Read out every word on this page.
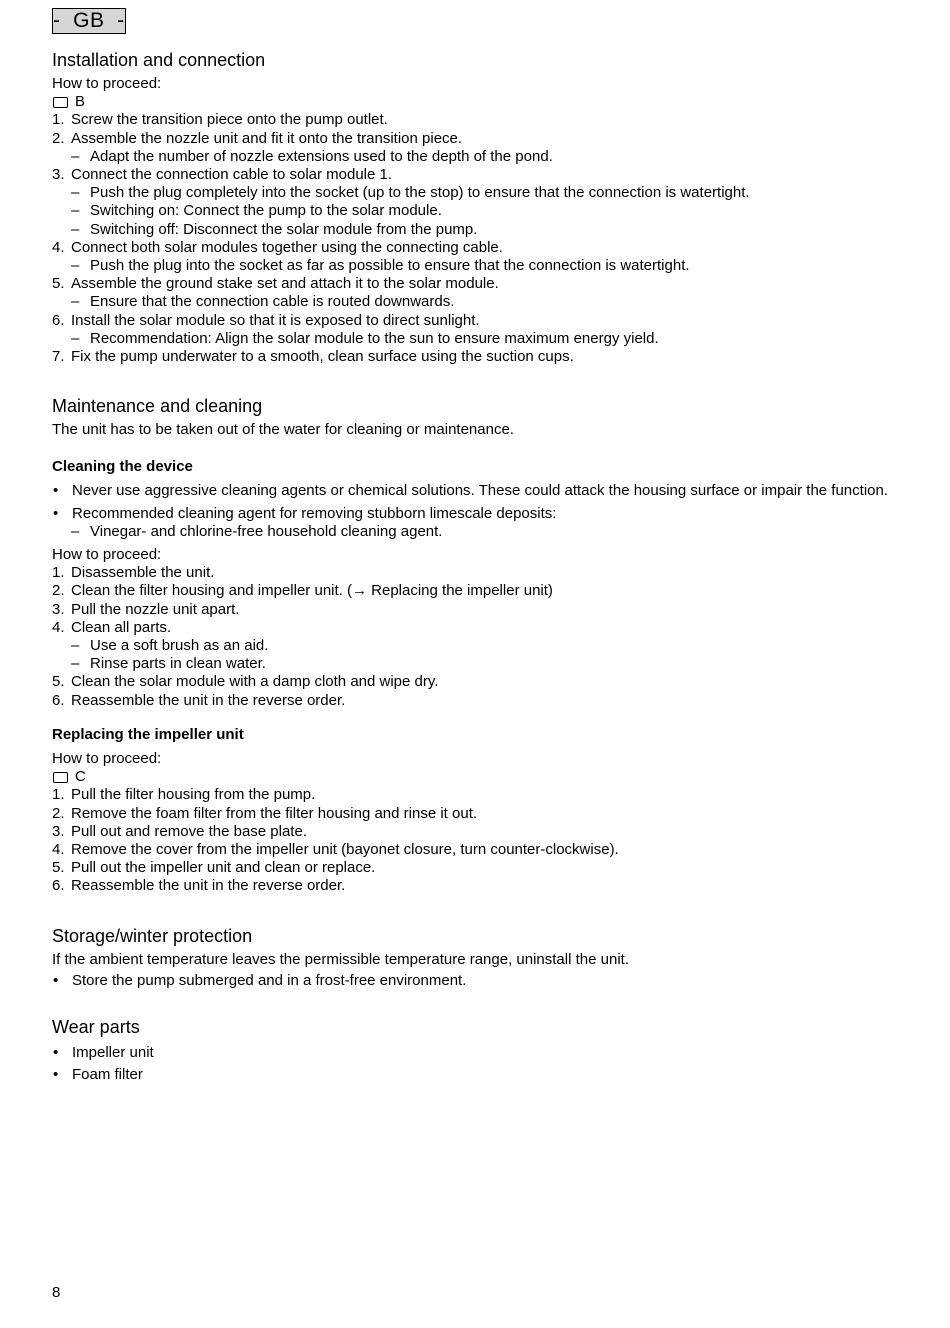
-  GB  -
Installation and connection

How to proceed:

B
1. Screw the transition piece onto the pump outlet.
2. Assemble the nozzle unit and fit it onto the transition piece.
– Adapt the number of nozzle extensions used to the depth of the pond.
3. Connect the connection cable to solar module 1.
– Push the plug completely into the socket (up to the stop) to ensure that the connection is watertight.
– Switching on: Connect the pump to the solar module.
– Switching off: Disconnect the solar module from the pump.
4. Connect both solar modules together using the connecting cable.
– Push the plug into the socket as far as possible to ensure that the connection is watertight.
5. Assemble the ground stake set and attach it to the solar module.
– Ensure that the connection cable is routed downwards.
6. Install the solar module so that it is exposed to direct sunlight.
– Recommendation: Align the solar module to the sun to ensure maximum energy yield.
7. Fix the pump underwater to a smooth, clean surface using the suction cups.
Maintenance and cleaning

The unit has to be taken out of the water for cleaning or maintenance.

Cleaning the device
• Never use aggressive cleaning agents or chemical solutions. These could attack the housing surface or impair the function.
• Recommended cleaning agent for removing stubborn limescale deposits:
– Vinegar- and chlorine-free household cleaning agent.

How to proceed:

1. Disassemble the unit.
2. Clean the filter housing and impeller unit. (→ Replacing the impeller unit)
3. Pull the nozzle unit apart.
4. Clean all parts.
– Use a soft brush as an aid.
– Rinse parts in clean water.
5. Clean the solar module with a damp cloth and wipe dry.
6. Reassemble the unit in the reverse order.
Replacing the impeller unit

How to proceed:

C
1. Pull the filter housing from the pump.
2. Remove the foam filter from the filter housing and rinse it out.
3. Pull out and remove the base plate.
4. Remove the cover from the impeller unit (bayonet closure, turn counter-clockwise).
5. Pull out the impeller unit and clean or replace.
6. Reassemble the unit in the reverse order.
Storage/winter protection

If the ambient temperature leaves the permissible temperature range, uninstall the unit.

• Store the pump submerged and in a frost-free environment.
Wear parts
• Impeller unit
• Foam filter
8
